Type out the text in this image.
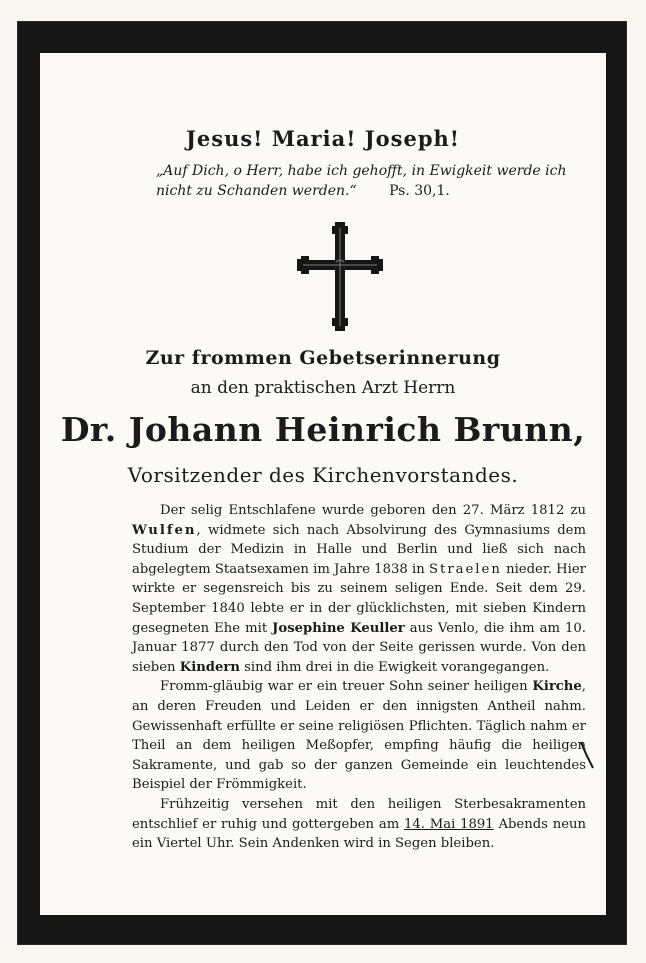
Jesus! Maria! Joseph!
„Auf Dich, o Herr, habe ich gehofft, in Ewigkeit werde ich nicht zu Schanden werden.“ Ps. 30,1.
Zur frommen Gebetserinnerung
an den praktischen Arzt Herrn
Dr. Johann Heinrich Brunn,
Vorsitzender des Kirchenvorstandes.

Der selig Entschlafene wurde geboren den 27. März 1812 zu Wulfen, widmete sich nach Absolvirung des Gymnasiums dem Studium der Medizin in Halle und Berlin und ließ sich nach abgelegtem Staatsexamen im Jahre 1838 in Straelen nieder. Hier wirkte er segensreich bis zu seinem seligen Ende. Seit dem 29. September 1840 lebte er in der glücklichsten, mit sieben Kindern gesegneten Ehe mit Josephine Keuller aus Venlo, die ihm am 10. Januar 1877 durch den Tod von der Seite gerissen wurde. Von den sieben Kindern sind ihm drei in die Ewigkeit vorangegangen.

Fromm-gläubig war er ein treuer Sohn seiner heiligen Kirche, an deren Freuden und Leiden er den innigsten Antheil nahm. Gewissenhaft erfüllte er seine religiösen Pflichten. Täglich nahm er Theil an dem heiligen Meßopfer, empfing häufig die heiligen Sakramente, und gab so der ganzen Gemeinde ein leuchtendes Beispiel der Frömmigkeit.

Frühzeitig versehen mit den heiligen Sterbesakramenten entschlief er ruhig und gottergeben am 14. Mai 1891 Abends neun ein Viertel Uhr. Sein Andenken wird in Segen bleiben.
